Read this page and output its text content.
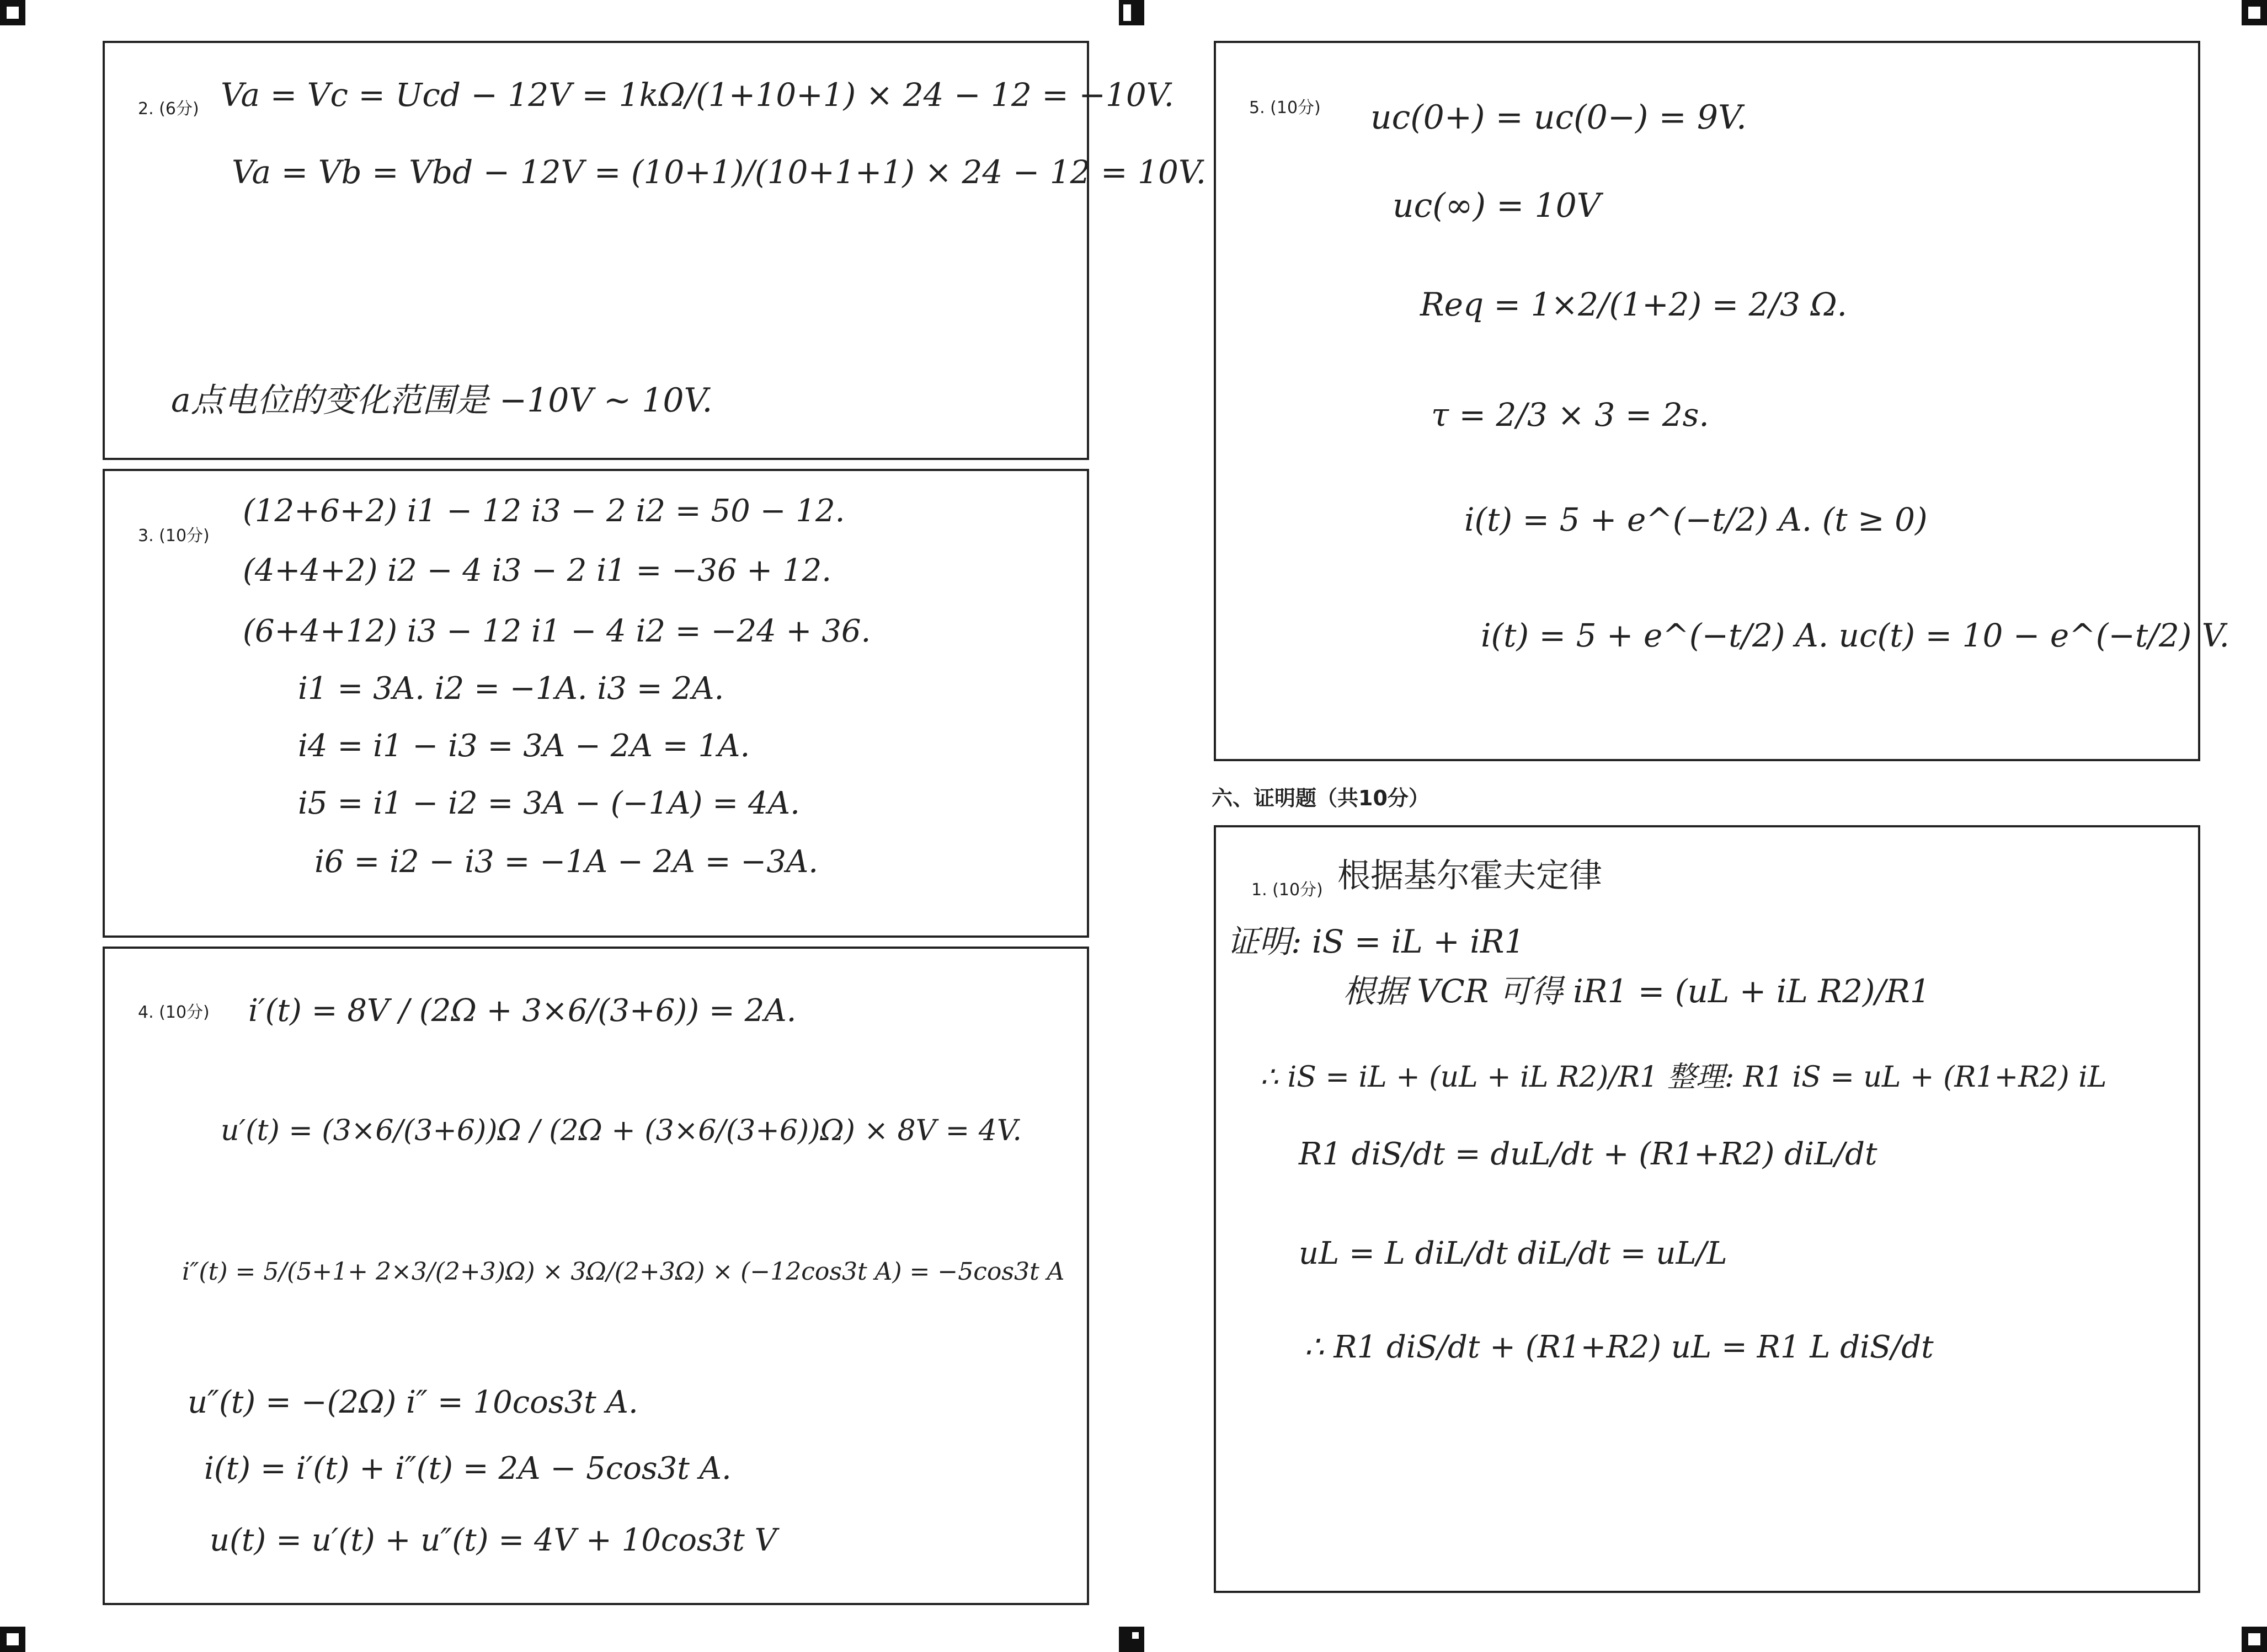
2. (6分) Va = Vc = Ucd − 12V = 1kΩ/(1+10+1) × 24 − 12 = −10V.
Va = Vb = Vbd − 12V = (10+1)/(10+1+1) × 24 − 12 = 10V.
a点电位的变化范围是 −10V ~ 10V.
3. (10分)
(12+6+2) i1 − 12 i3 − 2 i2 = 50 − 12.
(4+4+2) i2 − 4 i3 − 2 i1 = −36 + 12.
(6+4+12) i3 − 12 i1 − 4 i2 = −24 + 36.
i1 = 3A. i2 = −1A. i3 = 2A.
i4 = i1 − i3 = 3A − 2A = 1A.
i5 = i1 − i2 = 3A − (−1A) = 4A.
i6 = i2 − i3 = −1A − 2A = −3A.
4. (10分) i′(t) = 8V / (2Ω + 3×6/(3+6)) = 2A.
u′(t) = (3×6/(3+6))Ω / (2Ω + (3×6/(3+6))Ω) × 8V = 4V.
i″(t) = 5/(5+1+ 2×3/(2+3)Ω) × 3Ω/(2+3Ω) × (−12cos3t A) = −5cos3t A
u″(t) = −(2Ω) i″ = 10cos3t A.
i(t) = i′(t) + i″(t) = 2A − 5cos3t A.
u(t) = u′(t) + u″(t) = 4V + 10cos3t V
5. (10分) uc(0+) = uc(0−) = 9V.
uc(∞) = 10V
Req = 1×2/(1+2) = 2/3 Ω.
τ = 2/3 × 3 = 2s.
i(t) = 5 + e^(−t/2) A. (t ≥ 0)
i(t) = 5 + e^(−t/2) A. uc(t) = 10 − e^(−t/2) V.
六、证明题（共10分）
1. (10分) 根据基尔霍夫定律
证明: iS = iL + iR1
根据 VCR 可得 iR1 = (uL + iL R2)/R1
∴ iS = iL + (uL + iL R2)/R1 整理: R1 iS = uL + (R1+R2) iL
R1 diS/dt = duL/dt + (R1+R2) diL/dt
uL = L diL/dt diL/dt = uL/L
∴ R1 diS/dt + (R1+R2) uL = R1 L diS/dt
